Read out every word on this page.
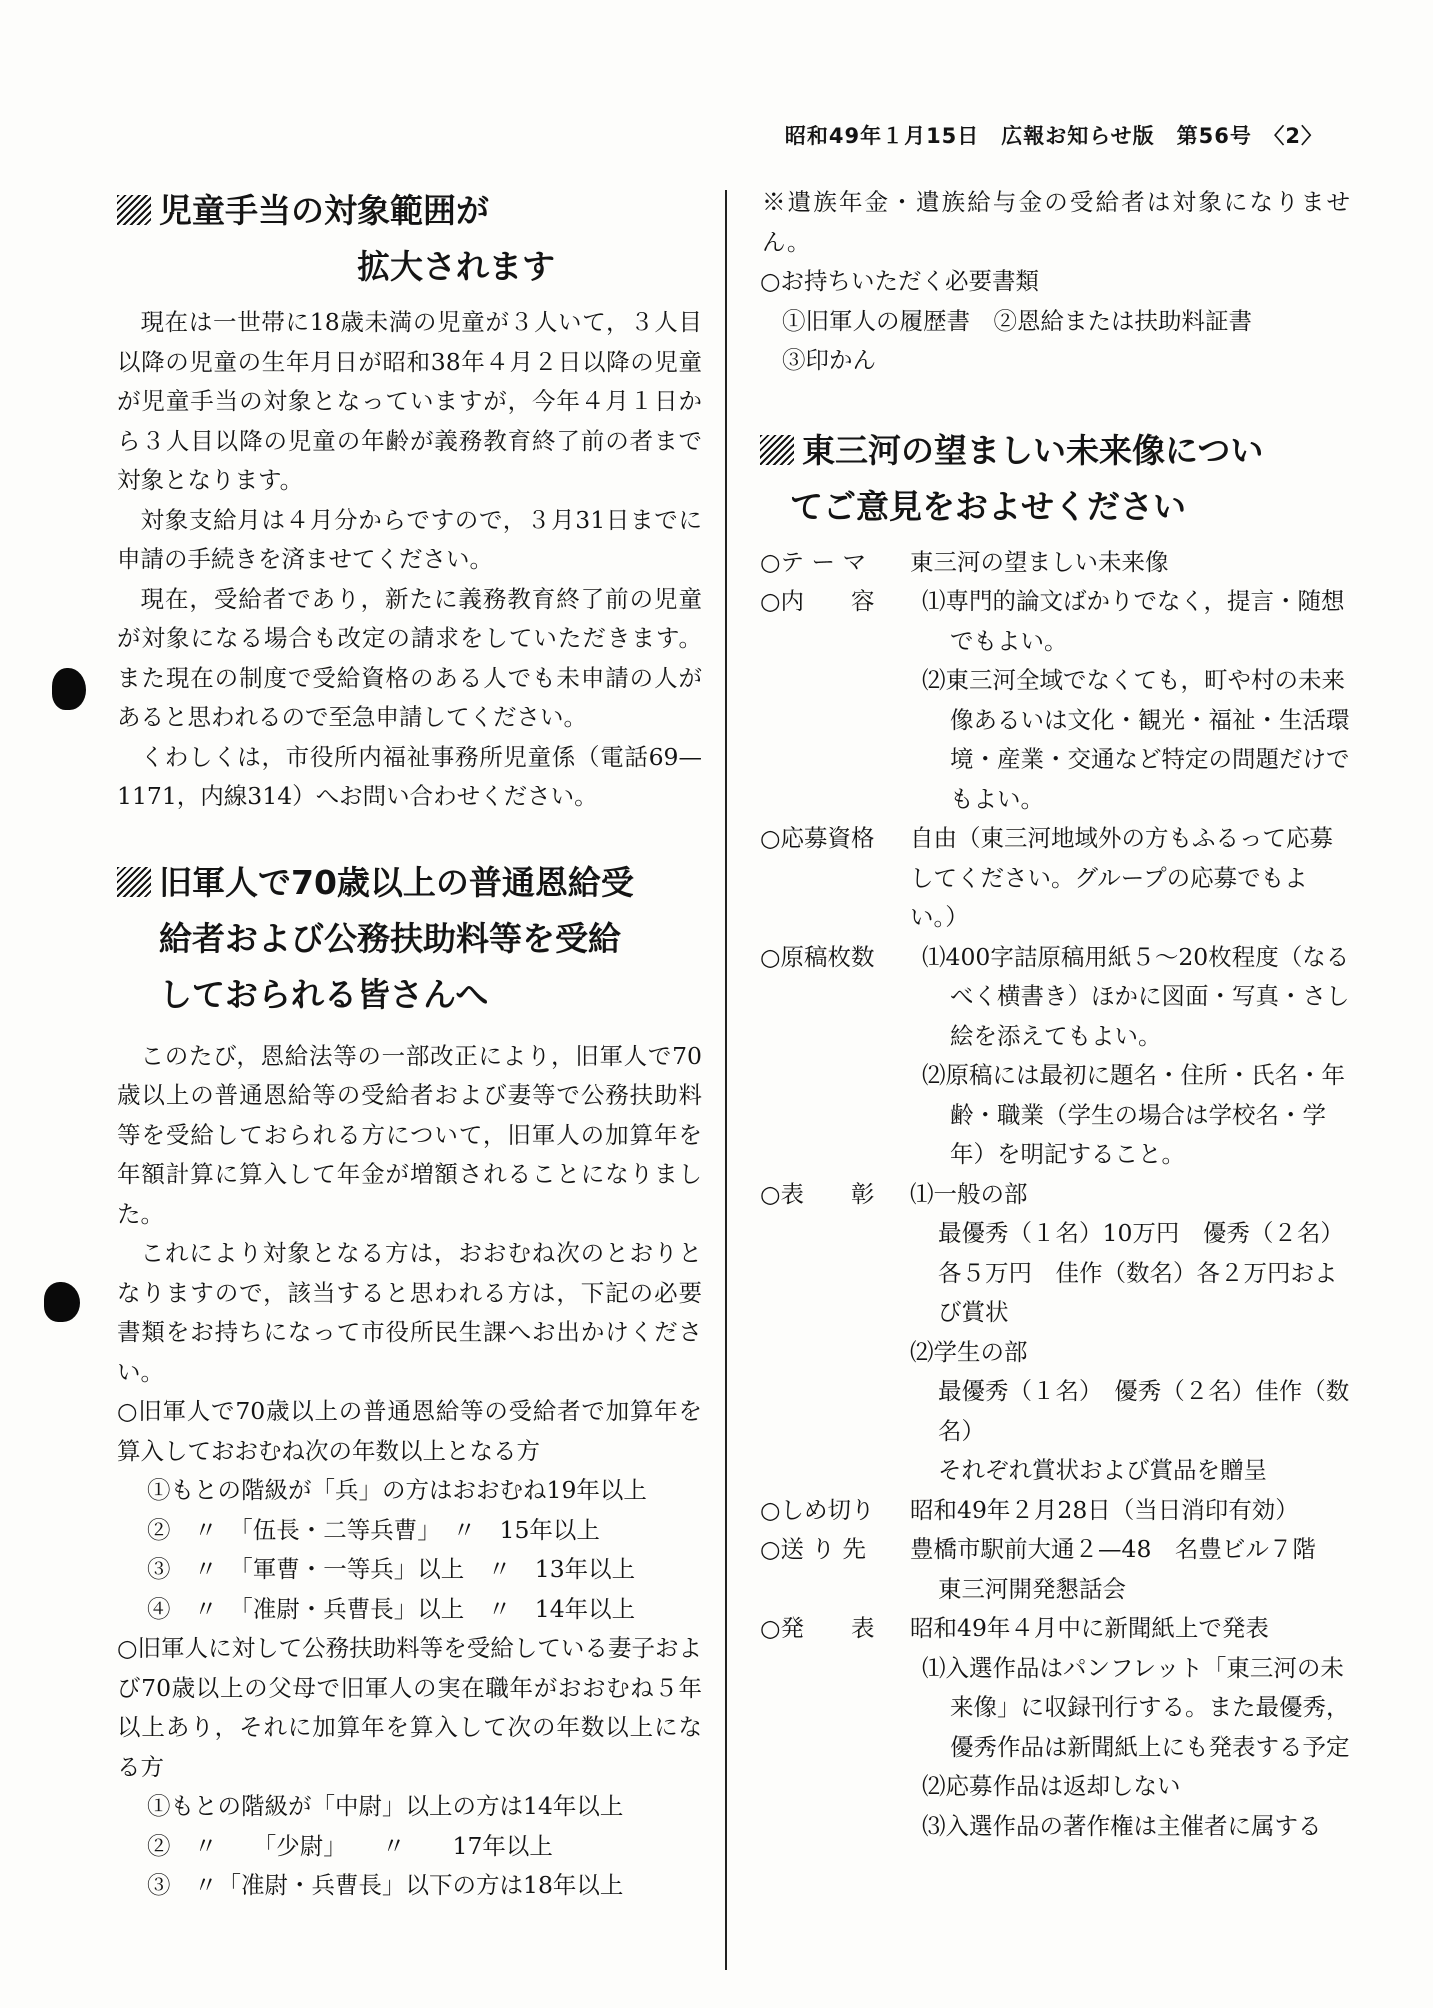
昭和49年１月15日　広報お知らせ版　第56号　〈2〉
児童手当の対象範囲が
拡大されます

現在は一世帯に18歳未満の児童が３人いて，３人目以降の児童の生年月日が昭和38年４月２日以降の児童が児童手当の対象となっていますが，今年４月１日から３人目以降の児童の年齢が義務教育終了前の者まで対象となります。

対象支給月は４月分からですので，３月31日までに申請の手続きを済ませてください。

現在，受給者であり，新たに義務教育終了前の児童が対象になる場合も改定の請求をしていただきます。また現在の制度で受給資格のある人でも未申請の人があると思われるので至急申請してください。

くわしくは，市役所内福祉事務所児童係（電話69—1171，内線314）へお問い合わせください。

旧軍人で70歳以上の普通恩給受
給者および公務扶助料等を受給
しておられる皆さんへ

このたび，恩給法等の一部改正により，旧軍人で70歳以上の普通恩給等の受給者および妻等で公務扶助料等を受給しておられる方について，旧軍人の加算年を年額計算に算入して年金が増額されることになりました。

これにより対象となる方は，おおむね次のとおりとなりますので，該当すると思われる方は，下記の必要書類をお持ちになって市役所民生課へお出かけください。

○旧軍人で70歳以上の普通恩給等の受給者で加算年を算入しておおむね次の年数以上となる方

①もとの階級が「兵」の方はおおむね19年以上
②　〃　「伍長・二等兵曹」　〃　15年以上
③　〃　「軍曹・一等兵」以上　〃　13年以上
④　〃　「准尉・兵曹長」以上　〃　14年以上

○旧軍人に対して公務扶助料等を受給している妻子および70歳以上の父母で旧軍人の実在職年がおおむね５年以上あり，それに加算年を算入して次の年数以上になる方

①もとの階級が「中尉」以上の方は14年以上
②　〃　　「少尉」　　〃　　17年以上
③　〃「准尉・兵曹長」以下の方は18年以上

※遺族年金・遺族給与金の受給者は対象になりません。

○お持ちいただく必要書類
①旧軍人の履歴書　②恩給または扶助料証書
③印かん
東三河の望ましい未来像につい
てご意見をおよせください
○テ ー マ	東三河の望ましい未来像
○内　　容	⑴専門的論文ばかりでなく，提言・随想でもよい。
⑵東三河全域でなくても，町や村の未来像あるいは文化・観光・福祉・生活環境・産業・交通など特定の問題だけでもよい。
○応募資格	自由（東三河地域外の方もふるって応募してください。グループの応募でもよい。）
○原稿枚数	⑴400字詰原稿用紙５～20枚程度（なるべく横書き）ほかに図面・写真・さし絵を添えてもよい。
⑵原稿には最初に題名・住所・氏名・年齢・職業（学生の場合は学校名・学年）を明記すること。
○表　　彰	⑴一般の部
最優秀（１名）10万円　優秀（２名）各５万円　佳作（数名）各２万円および賞状
⑵学生の部
最優秀（１名）　優秀（２名）佳作（数名）
それぞれ賞状および賞品を贈呈
○しめ切り	昭和49年２月28日（当日消印有効）
○送 り 先	豊橋市駅前大通２—48　名豊ビル７階
東三河開発懇話会
○発　　表	昭和49年４月中に新聞紙上で発表
⑴入選作品はパンフレット「東三河の未来像」に収録刊行する。また最優秀，優秀作品は新聞紙上にも発表する予定
⑵応募作品は返却しない
⑶入選作品の著作権は主催者に属する
